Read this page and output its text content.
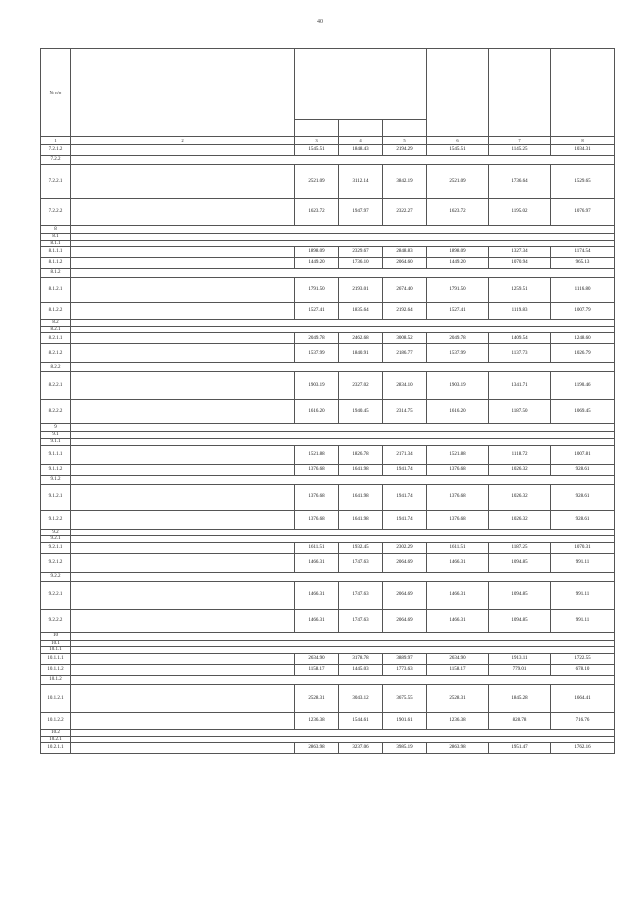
40
№ п/п							

1	2	3	4	5	6	7	8
7.2.1.2		1545.51	1848.43	2194.29	1545.51	1145.25	1034.31
7.2.2							
7.2.2.1		2521.09	3112.14	3842.19	2521.09	1736.64	1529.65
7.2.2.2		1623.72	1947.97	2322.27	1623.72	1195.02	1076.97
8							
8.1							
8.1.1							
8.1.1.1		1898.09	2329.67	2848.83	1898.09	1327.34	1174.54
8.1.1.2		1449.20	1736.10	2064.60	1449.20	1070.94	965.13
8.1.2							
8.1.2.1		1791.50	2193.01	2674.40	1791.50	1259.51	1116.80
8.1.2.2		1527.41	1835.64	2192.64	1527.41	1119.83	1007.79
8.2							
8.2.1							
8.2.1.1		2049.78	2462.68	3008.52	2049.78	1409.54	1248.60
8.2.1.2		1537.99	1840.91	2186.77	1537.99	1137.73	1026.79
8.2.2							
8.2.2.1		1903.19	2327.02	2834.10	1903.19	1341.71	1190.46
8.2.2.2		1616.20	1940.45	2314.75	1616.20	1187.50	1069.45
9							
9.1							
9.1.1							
9.1.1.1		1521.88	1826.78	2171.34	1521.88	1118.72	1007.81
9.1.1.2		1376.68	1641.98	1941.74	1376.68	1026.32	928.61
9.1.2							
9.1.2.1		1376.68	1641.98	1941.74	1376.68	1026.32	928.61
9.1.2.2		1376.68	1641.98	1941.74	1376.68	1026.32	928.61
9.2							
9.2.1							
9.2.1.1		1611.51	1932.45	2302.29	1611.51	1187.25	1070.31
9.2.1.2		1466.31	1747.63	2064.69	1466.31	1094.85	991.11
9.2.2							
9.2.2.1		1466.31	1747.63	2064.69	1466.31	1094.85	991.11
9.2.2.2		1466.31	1747.63	2064.69	1466.31	1094.85	991.11
10							
10.1							
10.1.1							
10.1.1.1		2634.90	3178.78	3889.97	2634.90	1913.11	1722.55
10.1.1.2		1158.17	1445.03	1773.63	1158.17	779.01	678.10
10.1.2							
10.1.2.1		2528.31	3043.12	3675.55	2528.31	1845.28	1664.41
10.1.2.2		1236.38	1544.61	1901.61	1236.38	828.78	716.76
10.2							
10.2.1							
10.2.1.1		2863.98	3237.06	3985.19	2863.98	1951.47	1762.16
